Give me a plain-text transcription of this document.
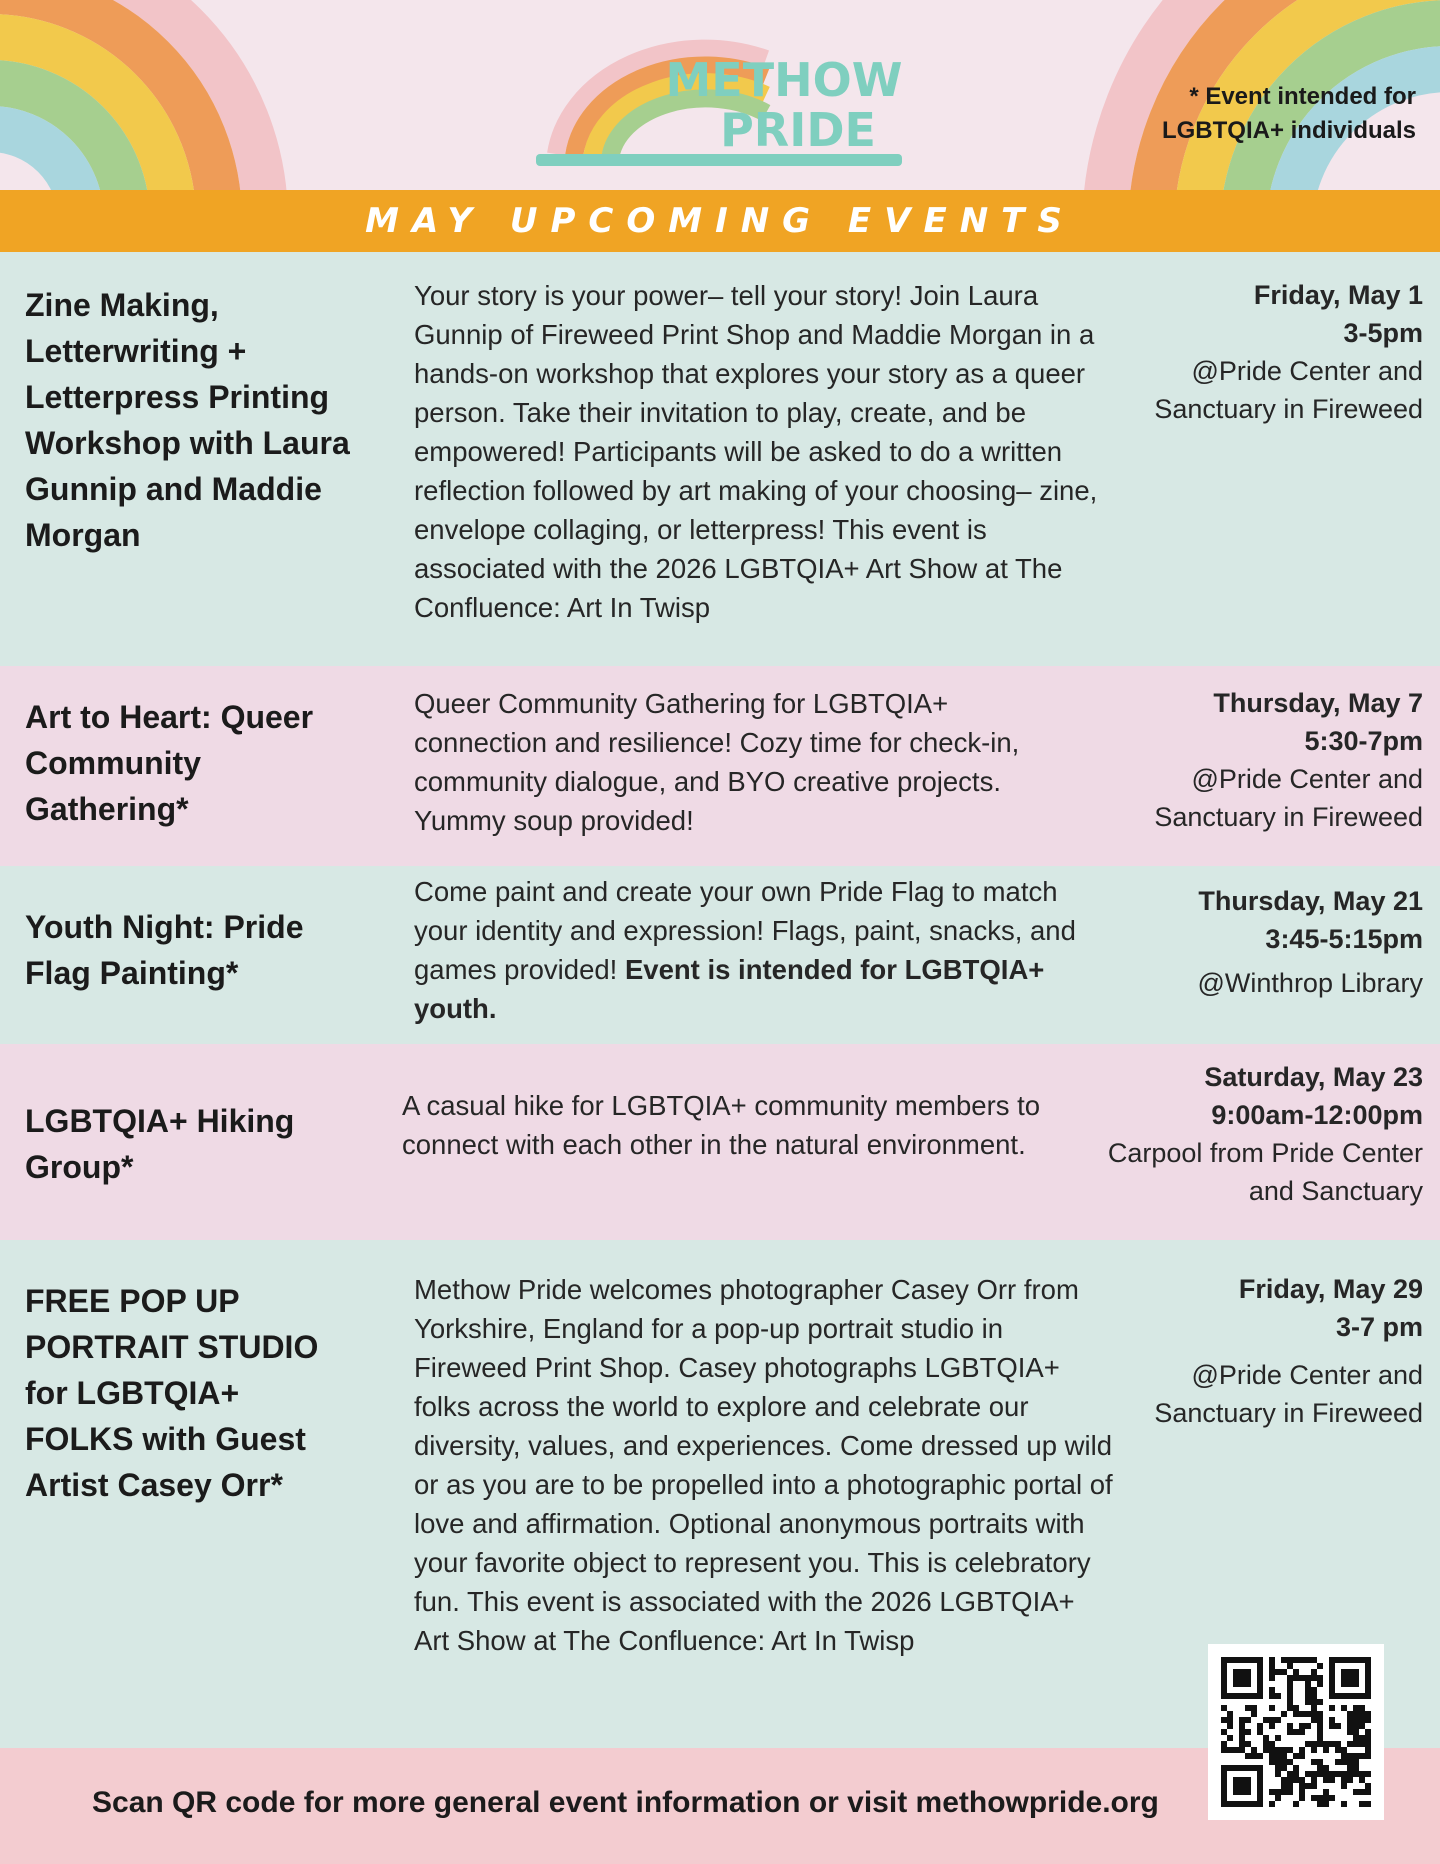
METHOW
PRIDE
* Event intended for LGBTQIA+ individuals
MAY UPCOMING EVENTS
Zine Making, Letterwriting + Letterpress Printing Workshop with Laura Gunnip and Maddie Morgan
Your story is your power– tell your story! Join Laura Gunnip of Fireweed Print Shop and Maddie Morgan in a hands-on workshop that explores your story as a queer person. Take their invitation to play, create, and be empowered! Participants will be asked to do a written reflection followed by art making of your choosing– zine, envelope collaging, or letterpress! This event is associated with the 2026 LGBTQIA+ Art Show at The Confluence: Art In Twisp
Friday, May 1
3-5pm
@Pride Center and Sanctuary in Fireweed
Art to Heart: Queer Community Gathering*
Queer Community Gathering for LGBTQIA+ connection and resilience! Cozy time for check-in, community dialogue, and BYO creative projects. Yummy soup provided!
Thursday, May 7
5:30-7pm
@Pride Center and Sanctuary in Fireweed
Youth Night: Pride Flag Painting*
Come paint and create your own Pride Flag to match your identity and expression! Flags, paint, snacks, and games provided! Event is intended for LGBTQIA+ youth.
Thursday, May 21
3:45-5:15pm
@Winthrop Library
LGBTQIA+ Hiking Group*
A casual hike for LGBTQIA+ community members to connect with each other in the natural environment.
Saturday, May 23
9:00am-12:00pm
Carpool from Pride Center and Sanctuary
FREE POP UP PORTRAIT STUDIO for LGBTQIA+ FOLKS with Guest Artist Casey Orr*
Methow Pride welcomes photographer Casey Orr from Yorkshire, England for a pop-up portrait studio in Fireweed Print Shop. Casey photographs LGBTQIA+ folks across the world to explore and celebrate our diversity, values, and experiences. Come dressed up wild or as you are to be propelled into a photographic portal of love and affirmation. Optional anonymous portraits with your favorite object to represent you. This is celebratory fun. This event is associated with the 2026 LGBTQIA+ Art Show at The Confluence: Art In Twisp
Friday, May 29
3-7 pm
@Pride Center and Sanctuary in Fireweed
Scan QR code for more general event information or visit methowpride.org
